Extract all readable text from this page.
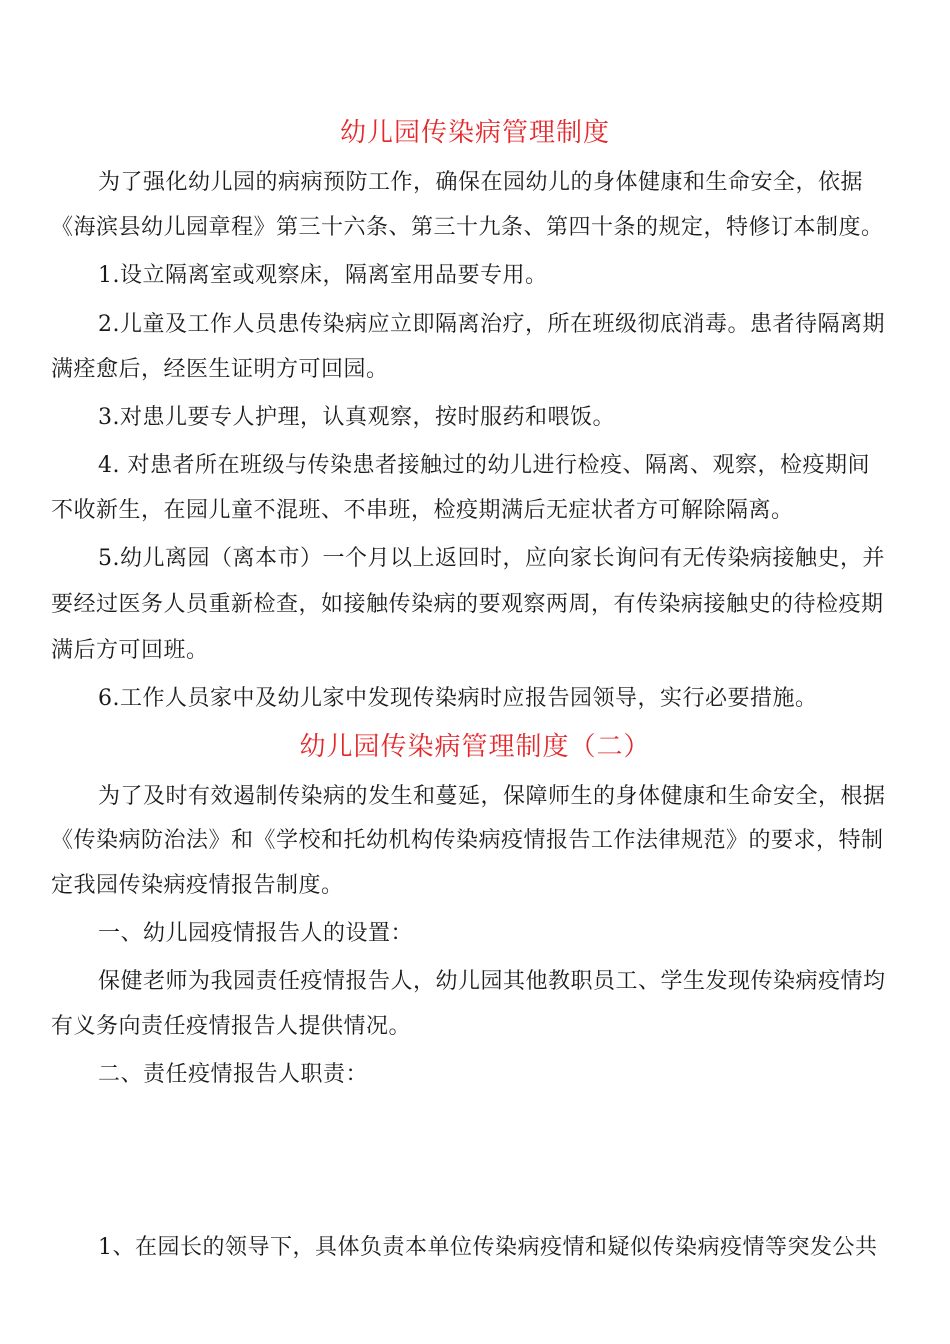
幼儿园传染病管理制度

为了强化幼儿园的病病预防工作，确保在园幼儿的身体健康和生命安全，依据

《海滨县幼儿园章程》第三十六条、第三十九条、第四十条的规定，特修订本制度。

1.设立隔离室或观察床，隔离室用品要专用。

2.儿童及工作人员患传染病应立即隔离治疗，所在班级彻底消毒。患者待隔离期

满痊愈后，经医生证明方可回园。

3.对患儿要专人护理，认真观察，按时服药和喂饭。

4. 对患者所在班级与传染患者接触过的幼儿进行检疫、隔离、观察，检疫期间

不收新生，在园儿童不混班、不串班，检疫期满后无症状者方可解除隔离。

5.幼儿离园（离本市）一个月以上返回时，应向家长询问有无传染病接触史，并

要经过医务人员重新检查，如接触传染病的要观察两周，有传染病接触史的待检疫期

满后方可回班。

6.工作人员家中及幼儿家中发现传染病时应报告园领导，实行必要措施。

幼儿园传染病管理制度（二）

为了及时有效遏制传染病的发生和蔓延，保障师生的身体健康和生命安全，根据

《传染病防治法》和《学校和托幼机构传染病疫情报告工作法律规范》的要求，特制

定我园传染病疫情报告制度。

一、幼儿园疫情报告人的设置：

保健老师为我园责任疫情报告人，幼儿园其他教职员工、学生发现传染病疫情均

有义务向责任疫情报告人提供情况。

二、责任疫情报告人职责：

1、在园长的领导下，具体负责本单位传染病疫情和疑似传染病疫情等突发公共
